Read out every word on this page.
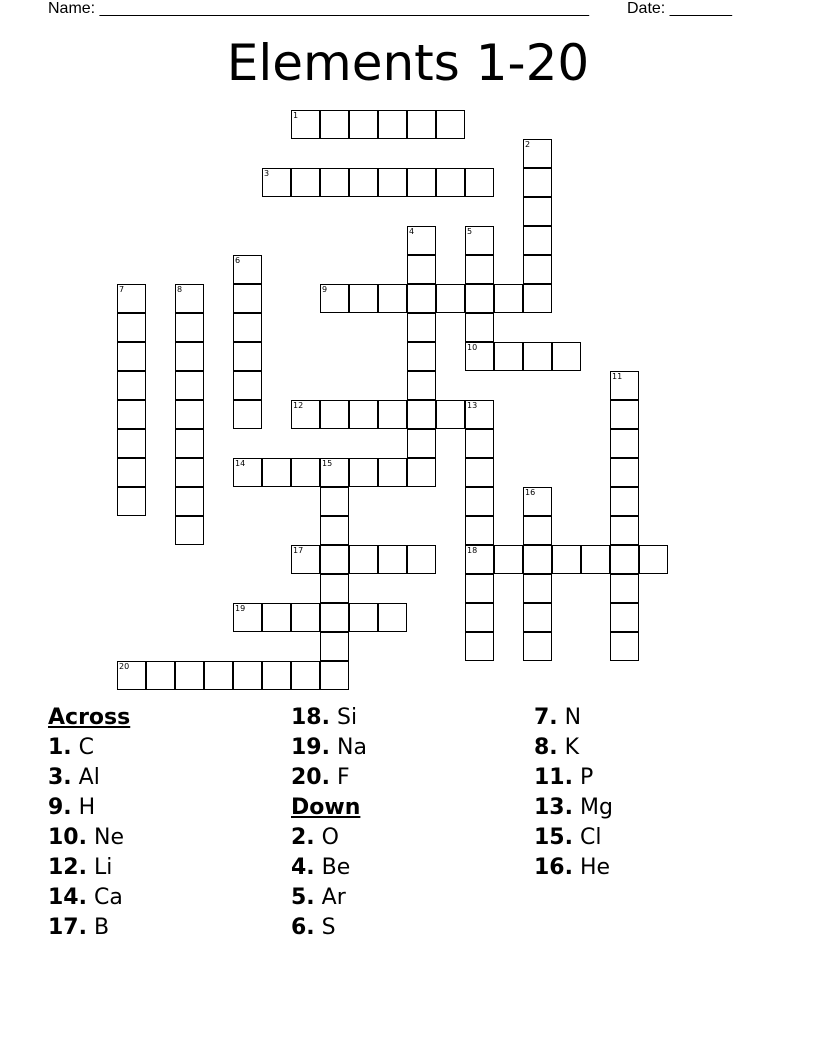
Name: _______________________________________________________ Date: _______
Elements 1-20
1
2
3
4	5
6
7	8	9
10
11
12	13
18
14	15
16
17
19
20
Across
1. C
3. Al
9. H
10. Ne
12. Li
14. Ca
17. B
18. Si
19. Na
20. F
Down
2. O
4. Be
5. Ar
6. S
7. N
8. K
11. P
13. Mg
15. Cl
16. He
